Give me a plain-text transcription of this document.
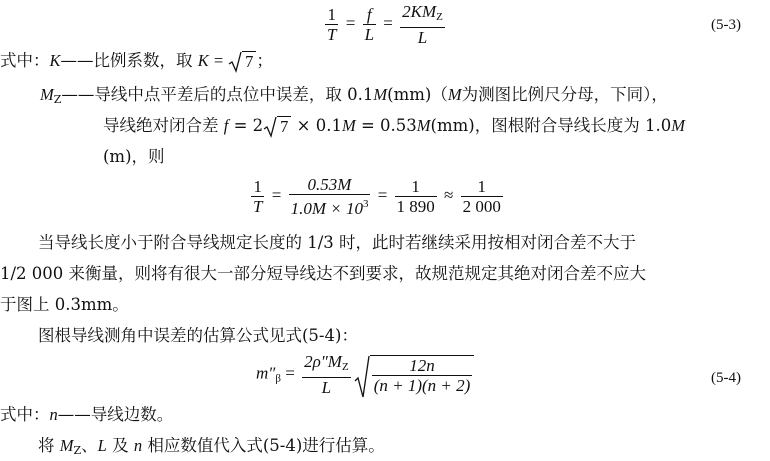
$\frac{1}{T} = \frac{f}{L} = \frac{2KM_Z}{L}$	(5-3)
式中：K——比例系数，取 K =
7 ；
$M_Z——$导线中点平差后的点位中误差，取 0.1M(mm)（M为测图比例尺分母，下同），
导线绝对闭合差 f = 2 7 × 0.1M = 0.53M(mm)，图根附合导线长度为 1.0M
(m)，则
$\frac{1}{T} = \frac{0.53M}{1.0M \times 10^3} = \frac{1}{1 890} \approx \frac{1}{2 000}$
当导线长度小于附合导线规定长度的 1/3 时，此时若继续采用按相对闭合差不大于
1/2 000 来衡量，则将有很大一部分短导线达不到要求，故规范规定其绝对闭合差不应大
于图上 0.3mm。
图根导线测角中误差的估算公式见式(5-4)：
$m''_\beta = \frac{2\rho''M_Z}{L} \frac{12n}{(n + 1)(n + 2)}$	(5-4)
式中：n——导线边数。
将 $M_Z$、L 及 n 相应数值代入式(5-4)进行估算。
